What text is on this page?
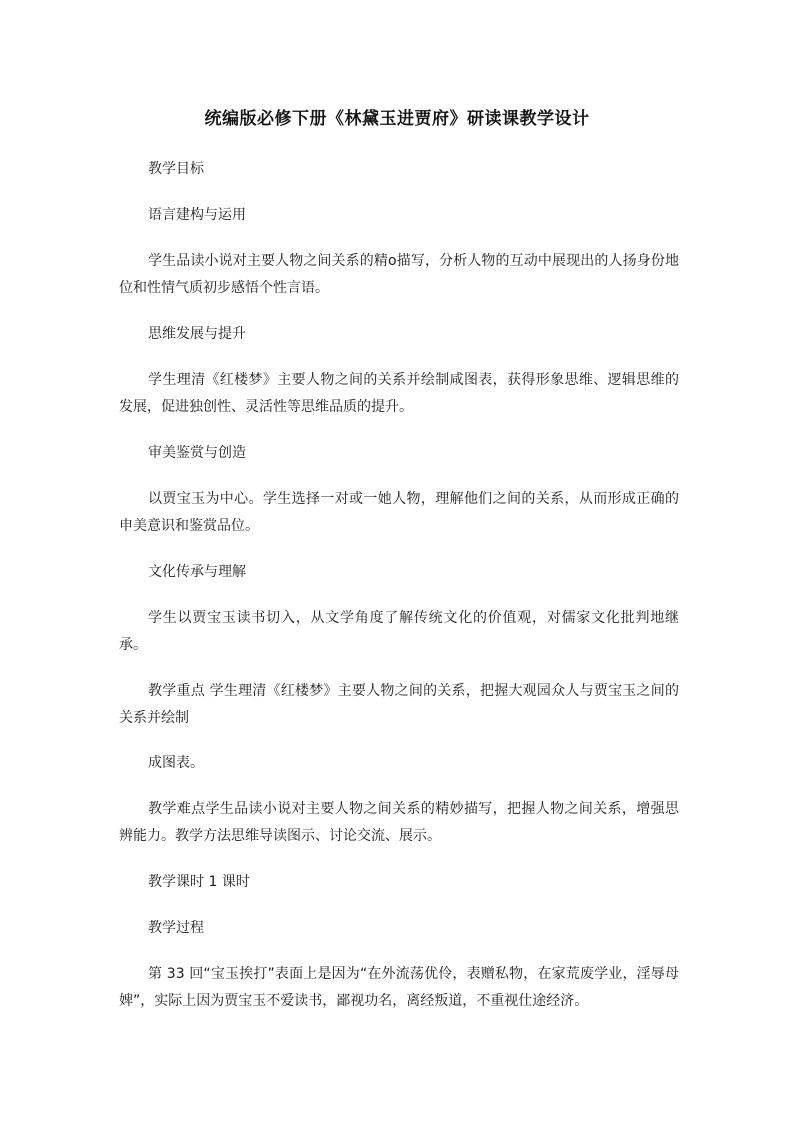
统编版必修下册《林黛玉进贾府》研读课教学设计

教学目标

语言建构与运用

学生品读小说对主要人物之间关系的精ο描写，分析人物的互动中展现出的人扬身份地位和性情气质初步感悟个性言语。

思维发展与提升

学生理清《红楼梦》主要人物之间的关系并绘制咸图表，获得形象思维、逻辑思维的发展，促进独创性、灵活性等思维品质的提升。

审美鉴赏与创造

以贾宝玉为中心。学生选择一对或一她人物，理解他们之间的关系，从而形成正确的申美意识和鉴赏品位。

文化传承与理解

学生以贾宝玉读书切入，从文学角度了解传统文化的价值观，对儒家文化批判地继承。

教学重点 学生理清《红楼梦》主要人物之间的关系，把握大观园众人与贾宝玉之间的关系并绘制

成图表。

教学难点学生品读小说对主要人物之间关系的精妙描写，把握人物之间关系，增强思辨能力。教学方法思维导读图示、讨论交流、展示。

教学课时 1 课时

教学过程

第 33 回“宝玉挨打”表面上是因为“在外流荡优伶，表赠私物，在家荒废学业，淫辱母婢”，实际上因为贾宝玉不爱读书，鄙视功名，离经叛道，不重视仕途经济。
